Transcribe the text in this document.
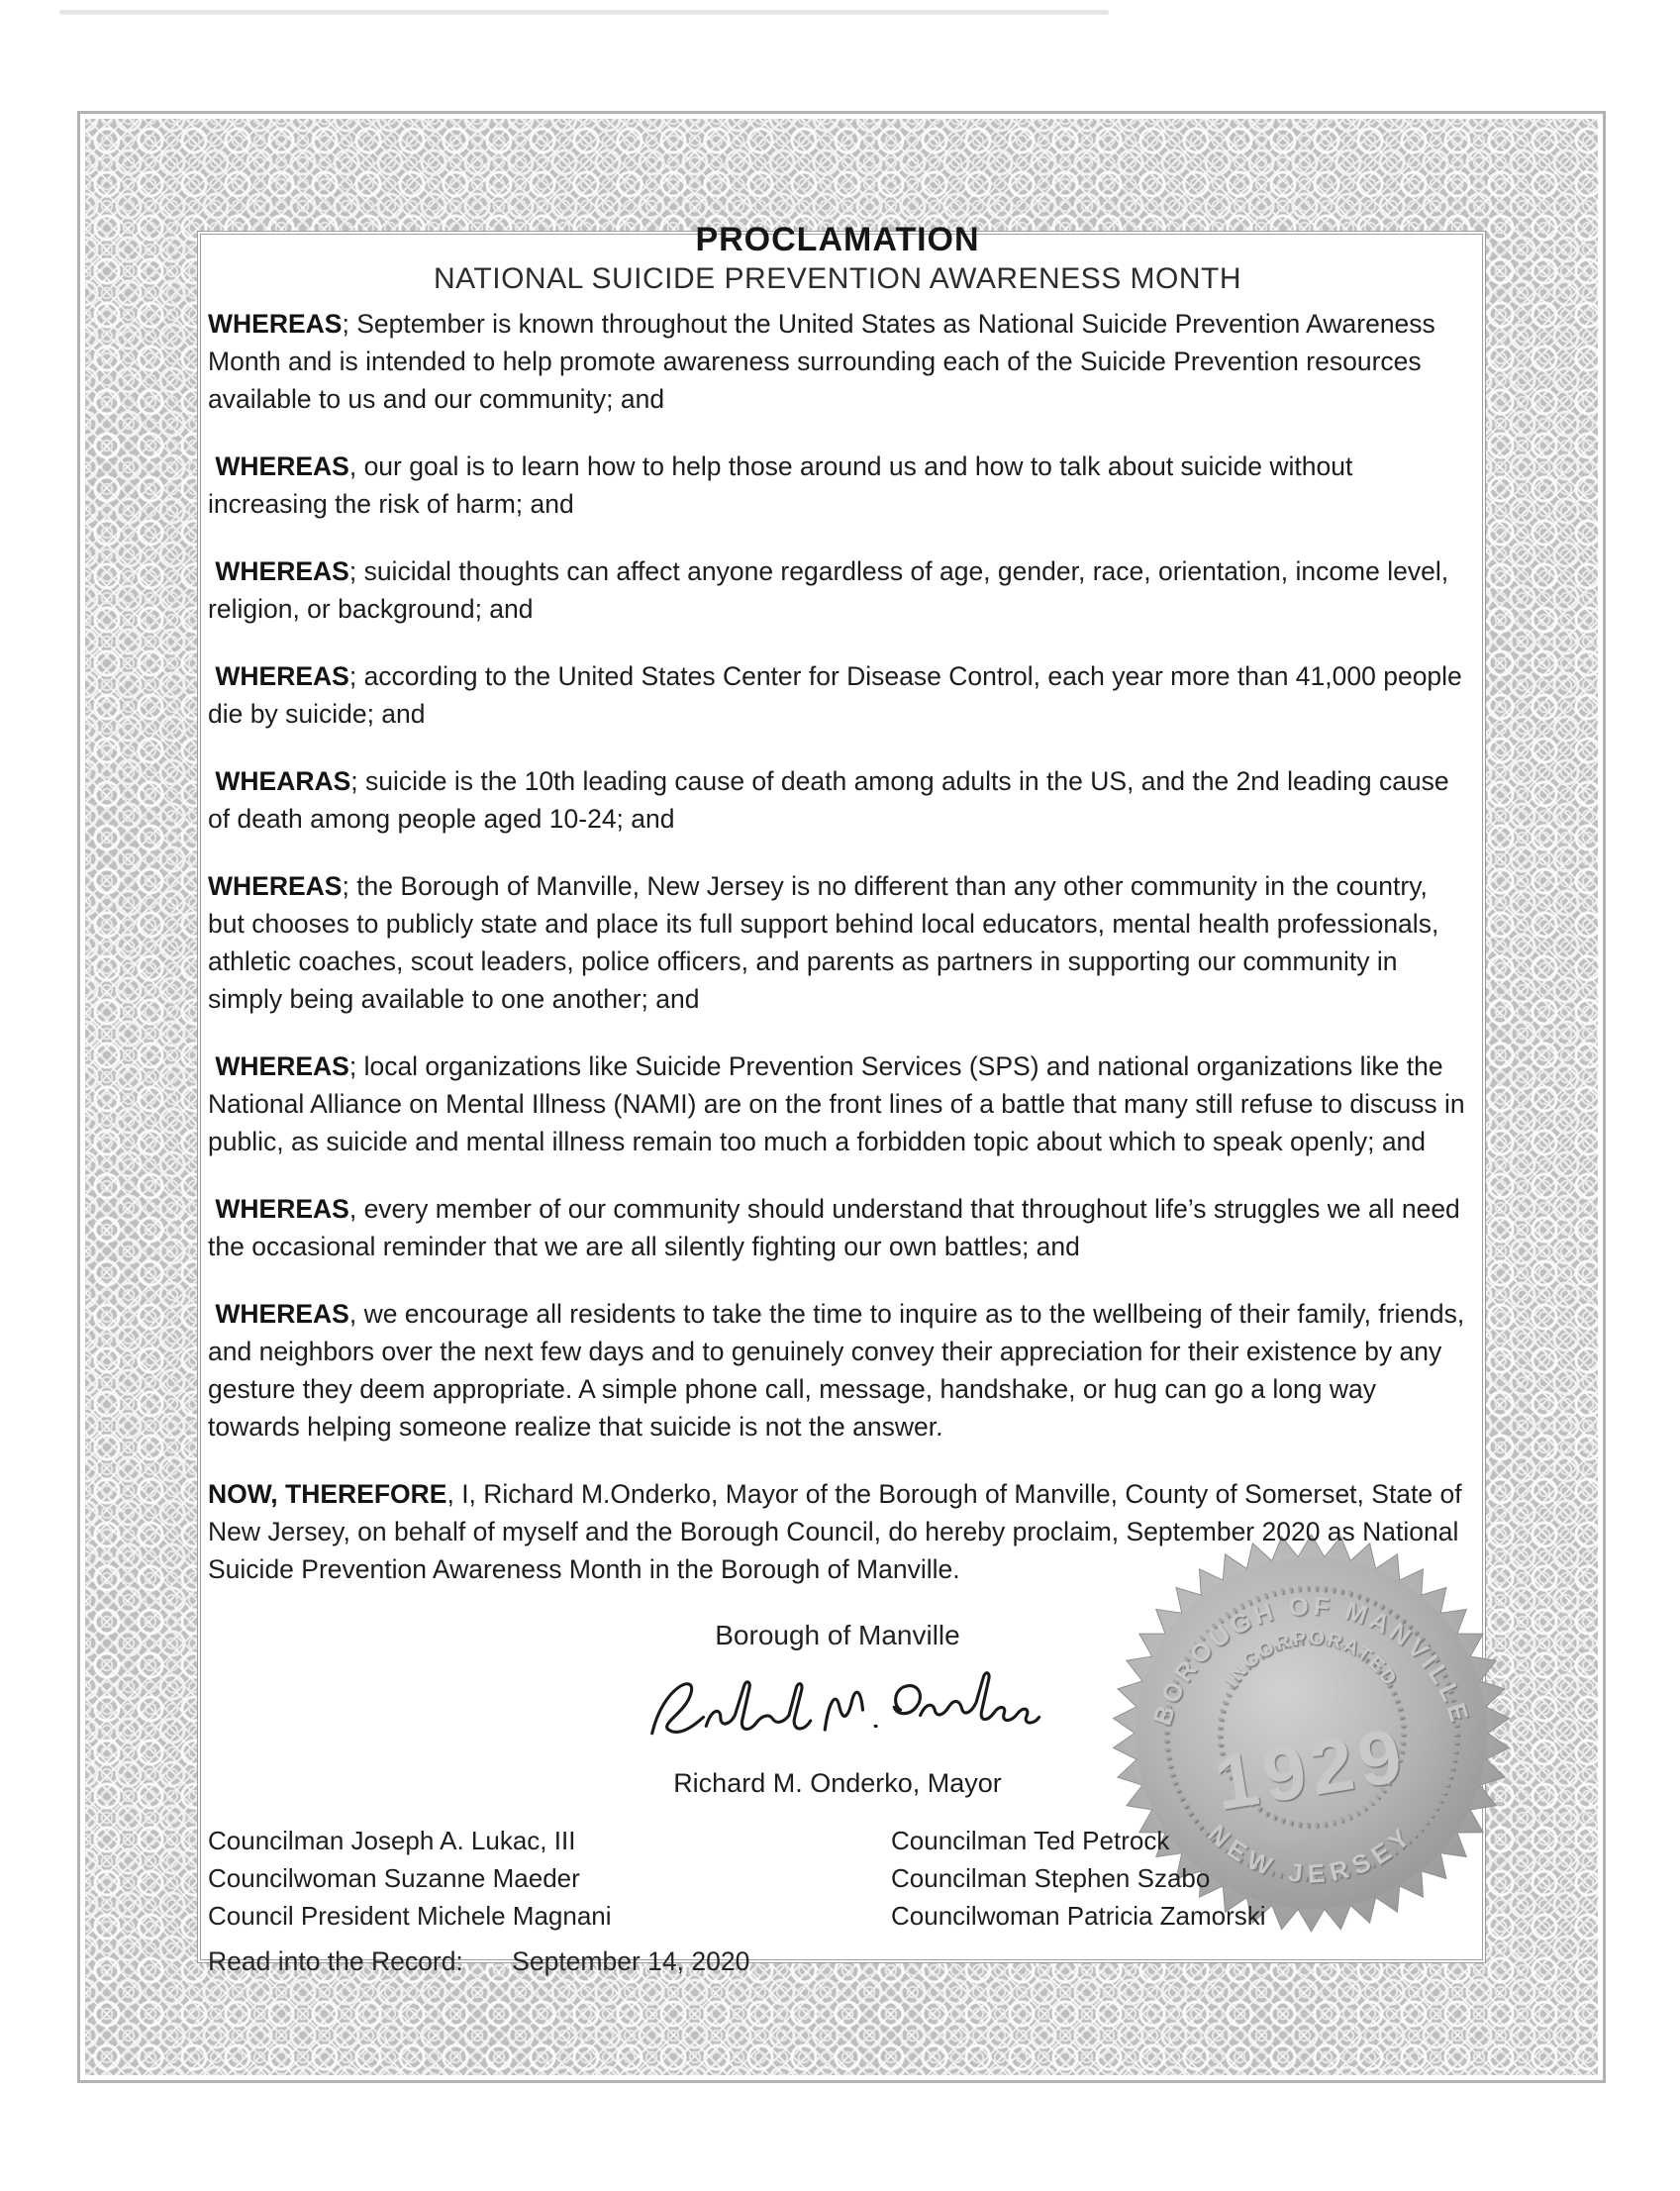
BOROUGH OF MANVILLE
INCORPORATED
1929
NEW JERSEY
PROCLAMATION
NATIONAL SUICIDE PREVENTION AWARENESS MONTH

WHEREAS; September is known throughout the United States as National Suicide Prevention Awareness Month and is intended to help promote awareness surrounding each of the Suicide Prevention resources available to us and our community; and

WHEREAS, our goal is to learn how to help those around us and how to talk about suicide without increasing the risk of harm; and

WHEREAS; suicidal thoughts can affect anyone regardless of age, gender, race, orientation, income level, religion, or background; and

WHEREAS; according to the United States Center for Disease Control, each year more than 41,000 people die by suicide; and

WHEARAS; suicide is the 10th leading cause of death among adults in the US, and the 2nd leading cause of death among people aged 10-24; and

WHEREAS; the Borough of Manville, New Jersey is no different than any other community in the country, but chooses to publicly state and place its full support behind local educators, mental health professionals, athletic coaches, scout leaders, police officers, and parents as partners in supporting our community in simply being available to one another; and

WHEREAS; local organizations like Suicide Prevention Services (SPS) and national organizations like the National Alliance on Mental Illness (NAMI) are on the front lines of a battle that many still refuse to discuss in public, as suicide and mental illness remain too much a forbidden topic about which to speak openly; and

WHEREAS, every member of our community should understand that throughout life’s struggles we all need the occasional reminder that we are all silently fighting our own battles; and

WHEREAS, we encourage all residents to take the time to inquire as to the wellbeing of their family, friends, and neighbors over the next few days and to genuinely convey their appreciation for their existence by any gesture they deem appropriate. A simple phone call, message, handshake, or hug can go a long way towards helping someone realize that suicide is not the answer.

NOW, THEREFORE, I, Richard M.Onderko, Mayor of the Borough of Manville, County of Somerset, State of New Jersey, on behalf of myself and the Borough Council, do hereby proclaim, September 2020 as National Suicide Prevention Awareness Month in the Borough of Manville.

Borough of Manville

Richard M. Onderko, Mayor

Councilman Joseph A. Lukac, III
Councilwoman Suzanne Maeder
Council President Michele Magnani
Councilman Ted Petrock
Councilman Stephen Szabo
Councilwoman Patricia Zamorski
Read into the Record: September 14, 2020
